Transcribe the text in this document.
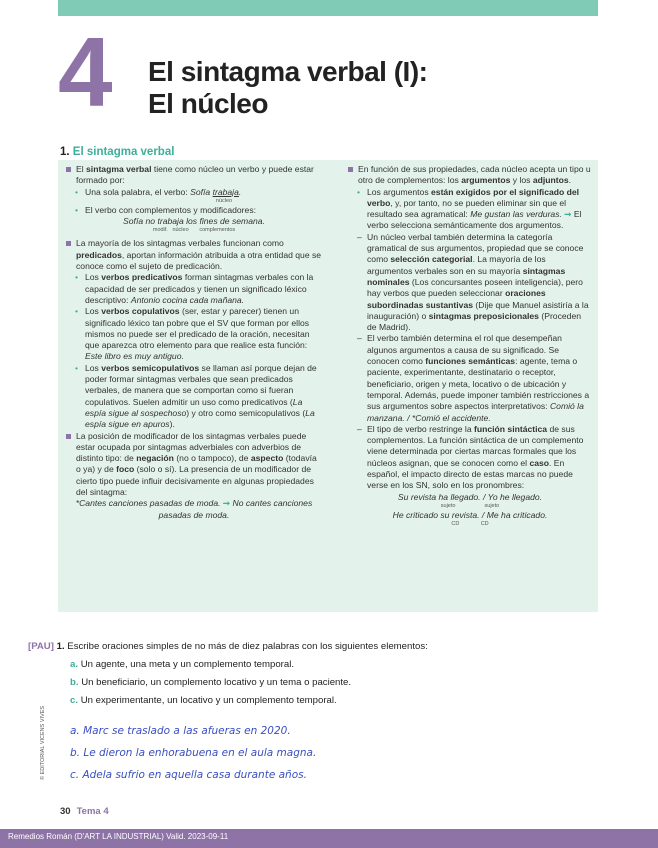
4 El sintagma verbal (I):
El núcleo
1. El sintagma verbal

El sintagma verbal tiene como núcleo un verbo y puede estar formado por:

• Una sola palabra, el verbo: Sofía trabaja.

núcleo

• El verbo con complementos y modificadores:

Sofía no trabaja los fines de semana.

modif. núcleo complementos

La mayoría de los sintagmas verbales funcionan como predicados, aportan información atribuida a otra entidad que se conoce como el sujeto de predicación.

• Los verbos predicativos forman sintagmas verbales con la capacidad de ser predicados y tienen un significado léxico descriptivo: Antonio cocina cada mañana.

• Los verbos copulativos (ser, estar y parecer) tienen un significado léxico tan pobre que el SV que forman por ellos mismos no puede ser el predicado de la oración, necesitan que aparezca otro elemento para que realice esta función: Este libro es muy antiguo.

• Los verbos semicopulativos se llaman así porque dejan de poder formar sintagmas verbales que sean predicados verbales, de manera que se comportan como si fueran copulativos. Suelen admitir un uso como predicativos (La espía sigue al sospechoso) y otro como semicopulativos (La espía sigue en apuros).

La posición de modificador de los sintagmas verbales puede estar ocupada por sintagmas adverbiales con adverbios de distinto tipo: de negación (no o tampoco), de aspecto (todavía o ya) y de foco (solo o sí). La presencia de un modificador de cierto tipo puede influir decisivamente en algunas propiedades del sintagma:

*Cantes canciones pasadas de moda. ➞ No cantes canciones pasadas de moda.

En función de sus propiedades, cada núcleo acepta un tipo u otro de complementos: los argumentos y los adjuntos.

• Los argumentos están exigidos por el significado del verbo, y, por tanto, no se pueden eliminar sin que el resultado sea agramatical: Me gustan las verduras. ➞ El verbo selecciona semánticamente dos argumentos.

– Un núcleo verbal también determina la categoría gramatical de sus argumentos, propiedad que se conoce como selección categorial. La mayoría de los argumentos verbales son en su mayoría sintagmas nominales (Los concursantes poseen inteligencia), pero hay verbos que pueden seleccionar oraciones subordinadas sustantivas (Dije que Manuel asistiría a la inauguración) o sintagmas preposicionales (Proceden de Madrid).

– El verbo también determina el rol que desempeñan algunos argumentos a causa de su significado. Se conocen como funciones semánticas: agente, tema o paciente, experimentante, destinatario o receptor, beneficiario, origen y meta, locativo o de ubicación y temporal. Además, puede imponer también restricciones a sus argumentos sobre aspectos interpretativos: Comió la manzana. / *Comió el accidente.

– El tipo de verbo restringe la función sintáctica de sus complementos. La función sintáctica de un complemento viene determinada por ciertas marcas formales que los núcleos asignan, que se conocen como el caso. En español, el impacto directo de estas marcas no puede verse en los SN, solo en los pronombres:

Su revista ha llegado. / Yo he llegado.

sujeto	sujeto

He criticado su revista. / Me ha criticado.

CD	CD
[PAU] 1. Escribe oraciones simples de no más de diez palabras con los siguientes elementos:
a. Un agente, una meta y un complemento temporal.
b. Un beneficiario, un complemento locativo y un tema o paciente.
c. Un experimentante, un locativo y un complemento temporal.
a. Marc se traslado a las afueras en 2020.
b. Le dieron la enhorabuena en el aula magna.
c. Adela sufrio en aquella casa durante años.
© EDITORIAL VICENS VIVES
30 Tema 4
Remedios Román (D'ART LA INDUSTRIAL) Valid. 2023-09-11
